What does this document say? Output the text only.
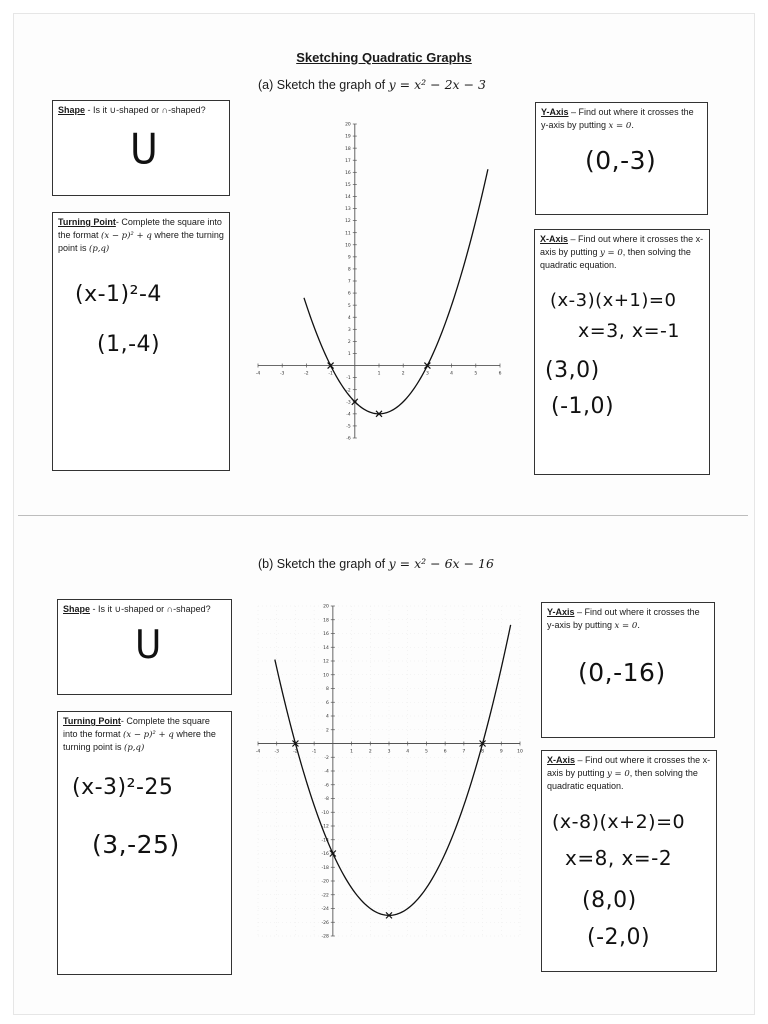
Sketching Quadratic Graphs
(a) Sketch the graph of y = x² − 2x − 3
Shape - Is it ∪-shaped or ∩-shaped?
U
Turning Point- Complete the square into the format (x − p)² + q where the turning point is (p,q)
(x-1)²-4
(1,-4)
Y-Axis – Find out where it crosses the y-axis by putting x = 0.
(0,-3)
X-Axis – Find out where it crosses the x-axis by putting y = 0, then solving the quadratic equation.
(x-3)(x+1)=0
x=3, x=-1
(3,0)
(-1,0)
-4	-3	-2	-1	1	2	3	4	5	6
-6
-5
-4
-3
-2
-1
1
2
3
4
5
6
7
8
9
10
11
12
13
14
15
16
17
18
19
20
(b) Sketch the graph of y = x² − 6x − 16
Shape - Is it ∪-shaped or ∩-shaped?
U
Turning Point- Complete the square into the format (x − p)² + q where the turning point is (p,q)
(x-3)²-25
(3,-25)
Y-Axis – Find out where it crosses the y-axis by putting x = 0.
(0,-16)
X-Axis – Find out where it crosses the x-axis by putting y = 0, then solving the quadratic equation.
(x-8)(x+2)=0
x=8, x=-2
(8,0)
(-2,0)
-4	-3	-2	-1	1	2	3	4	5	6	7	8	9	10
-28
-26
-24
-22
-20
-18
-16
-14
-12
-10
-8
-6
-4
-2
2
4
6
8
10
12
14
16
18
20
